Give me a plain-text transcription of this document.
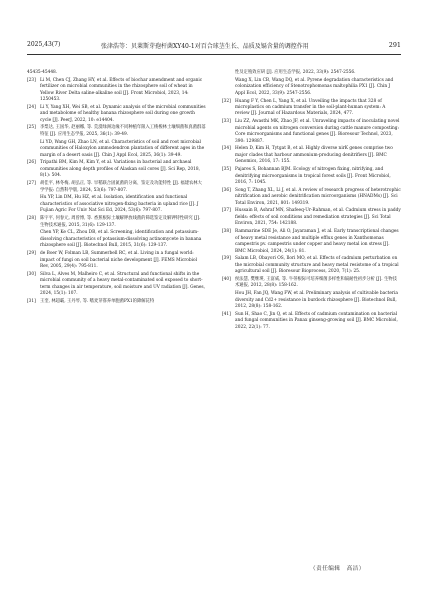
2025,43(7)	张津浩等：贝莱斯芽孢杆菌XY40-1对百合球茎生长、品质及镉含量的调控作用	291
45435-45448.
[23] Li M, Chen CJ, Zhang HY, et al. Effects of biochar amendment and organic fertilizer on microbial communities in the rhizosphere soil of wheat in Yellow River Delta saline-alkaline soil [J]. Front Microbiol, 2023, 14: 1250453.
[24] Li Y, Yang XH, Wei SB, et al. Dynamic analysis of the microbial communities and metabolome of healthy banana rhizosphere soil during one growth cycle [J]. PeerJ, 2022, 10: e14404.
[25] 李梨达, 王国华, 赵丽娜, 等. 荒漠绿洲边缘不同种植年限入工梭梭林土壤细菌和真菌群落特征 [J]. 应用生态学报, 2025, 36(1): 39-49.
Li YD, Wang GH, Zhao LN, et al. Characteristics of soil and root microbial communities of Haloxylon ammodendron plantation of different ages in the margin of a desert oasis [J]. Chin J Appl Ecol, 2025, 36(1): 39-49.
[26] Tripathi BM, Kim M, Kim Y, et al. Variations in bacterial and archaeal communities along depth profiles of Alaskan soil cores [J]. Sci Rep, 2018, 8(1): 504.
[27] 胡佳平, 林冬梅, 胡弘正, 等. 旱稻联合固氮菌的分离、鉴定及功能特性 [J]. 福建农林大学学报: 自然科学版, 2024, 53(6): 797-807.
Hu YP, Lin DM, Hu HZ, et al. Isolation, identification and functional characteristics of associative nitrogen-fixing bacteria in upland rice [J]. J Fujian Agric For Univ Nat Sci Ed, 2024, 53(6): 797-807.
[28] 陈宇平, 何春元, 周曾博, 等. 香蕉根际土壤解钾放线菌的筛选鉴定及解钾特性研究 [J]. 生物技术通报, 2015, 31(6): 129-137.
Chen YP, Ke CL, Zhou DB, et al. Screening, identification and potassium-dissolving characteristics of potassium-dissolving actinomycete in banana rhizosphere soil [J]. Biotechnol Bull, 2015, 31(6): 129-137.
[29] de Boer W, Folman LB, Summerbell RC, et al. Living in a fungal world: impact of fungi on soil bacterial niche development [J]. FEMS Microbiol Rev, 2005, 29(4): 795-811.
[30] Silva L, Alves M, Malheiro C, et al. Structural and functional shifts in the microbial community of a heavy metal-contaminated soil exposed to short-term changes in air temperature, soil moisture and UV radiation [J]. Genes, 2024, 15(1): 107.
[31] 王奎, 林超霸, 王丹琴, 等. 嗜麦芽寡养单胞菌PX1的降解芘特
性及定殖效应研 [J]. 应用生态学报, 2022, 33(9): 2547-2556.
Wang X, Lin CB, Wang DQ, et al. Pyrene degradation characteristics and colonization efficiency of Stenotrophomonas maltophilia PX1 [J]. Chin J Appl Ecol, 2022, 33(9): 2547-2556.
[32] Huang F Y, Chen L, Yang X, et al. Unveiling the impacts that 328 of microplastics on cadmium transfer in the soil-plant-human system: A review [J]. Journal of Hazardous Materials, 2024, 477.
[33] Liu ZZ, Awasthi MK, Zhao JF, et al. Unraveling impacts of inoculating novel microbial agents on nitrogen conversion during cattle manure composting: Core microorganisms and functional genes [J]. Bioresour Technol, 2023, 390: 129887.
[34] Helen D, Kim H, Tytgat B, et al. Highly diverse nirK genes comprise two major clades that harbour ammonium-producing denitrifiers [J]. BMC Genomics, 2016, 17: 155.
[35] Pajares S, Bohannan BJM. Ecology of nitrogen fixing, nitrifying, and denitrifying microorganisms in tropical forest soils [J]. Front Microbiol, 2016, 7: 1045.
[36] Song T, Zhang XL, Li J, et al. A review of research progress of heterotrophic nitrification and aerobic denitrification microorganisms (HNADMs) [J]. Sci Total Environ, 2021, 801: 149319.
[37] Hussain B, Ashraf MN, Shafeeq-Ur-Rahman, et al. Cadmium stress in paddy fields: effects of soil conditions and remediation strategies [J]. Sci Total Environ, 2021, 754: 142188.
[38] Rammarine SDE Je, Ali O, Jayaraman J, et al. Early transcriptional changes of heavy metal resistance and multiple efflux genes in Xanthomonas campestris pv. campestris under copper and heavy metal ion stress [J]. BMC Microbiol, 2024, 24(1): 81.
[39] Salam LB, Obayori OS, Ilori MO, et al. Effects of cadmium perturbation on the microbial community structure and heavy metal resistome of a tropical agricultural soil [J]. Bioresour Bioprocess, 2020, 7(1): 25.
[40] 侯法慧, 樊继瑛, 王富威, 等. 牛蒡根际可培养细菌多样性和镉耐性初步分析 [J]. 生物技术通报, 2012, 28(8): 158-162.
Hou JH, Fan JQ, Wang FW, et al. Preliminary analysis of cultivable bacteria diversity and Cd2+ resistance in burdock rhizosphere [J]. Biotechnol Bull, 2012, 28(8): 158-162.
[41] Sun H, Shao C, Jin Q, et al. Effects of cadmium contamination on bacterial and fungal communities in Panax ginseng-growing soil [J]. BMC Microbiol, 2022, 22(1): 77.
（责任编辑　高洁）
